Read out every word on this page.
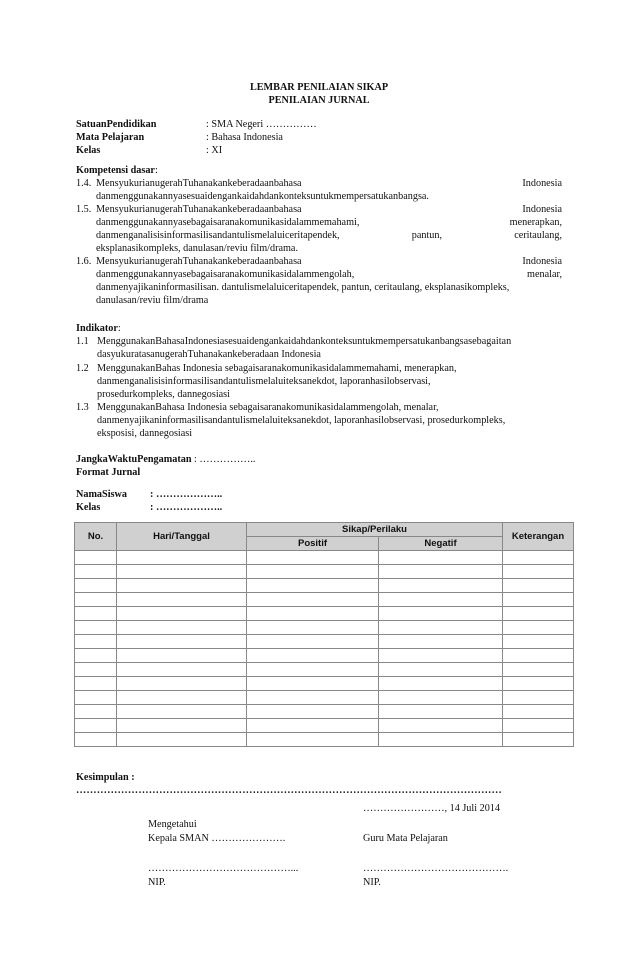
LEMBAR PENILAIAN SIKAP
PENILAIAN JURNAL
SatuanPendidikan	: SMA Negeri ……………
Mata Pelajaran	: Bahasa Indonesia
Kelas	: XI
Kompetensi dasar:
1.4. MensyukurianugerahTuhanakankeberadaanbahasa	Indonesia
danmenggunakannyasesuaidengankaidahdankonteksuntukmempersatukanbangsa.
1.5. MensyukurianugerahTuhanakankeberadaanbahasa	Indonesia
danmenggunakannyasebagaisaranakomunikasidalammemahami,	menerapkan,
danmenganalisisinformasilisandantulismelaluiceritapendek,	pantun,	ceritaulang,
eksplanasikompleks, danulasan/reviu film/drama.
1.6. MensyukurianugerahTuhanakankeberadaanbahasa	Indonesia
danmenggunakannyasebagaisaranakomunikasidalammengolah,	menalar,
danmenyajikaninformasilisan. dantulismelaluiceritapendek, pantun, ceritaulang, eksplanasikompleks,
danulasan/reviu film/drama
Indikator:
1.1 MenggunakanBahasaIndonesiasesuaidengankaidahdankonteksuntukmempersatukanbangsasebagaitan
dasyukuratasanugerahTuhanakankeberadaan Indonesia
1.2 MenggunakanBahas Indonesia sebagaisaranakomunikasidalammemahami, menerapkan,
danmenganalisisinformasilisandantulismelaluiteksanekdot, laporanhasilobservasi,
prosedurkompleks, dannegosiasi
1.3 MenggunakanBahasa Indonesia sebagaisaranakomunikasidalammengolah, menalar,
danmenyajikaninformasilisandantulismelaluiteksanekdot, laporanhasilobservasi, prosedurkompleks,
eksposisi, dannegosiasi
JangkaWaktuPengamatan : ……………..
Format Jurnal
NamaSiswa : ………………..
Kelas	: ………………..
No.	Hari/Tanggal	Sikap/Perilaku		Keterangan
		Positif	Negatif	

Kesimpulan :
……………………………………………………………………………………………………………
……………………, 14 Juli 2014
Mengetahui
Kepala SMAN ………………….	Guru Mata Pelajaran
……………………………………...	…………………………………….
NIP.	NIP.
